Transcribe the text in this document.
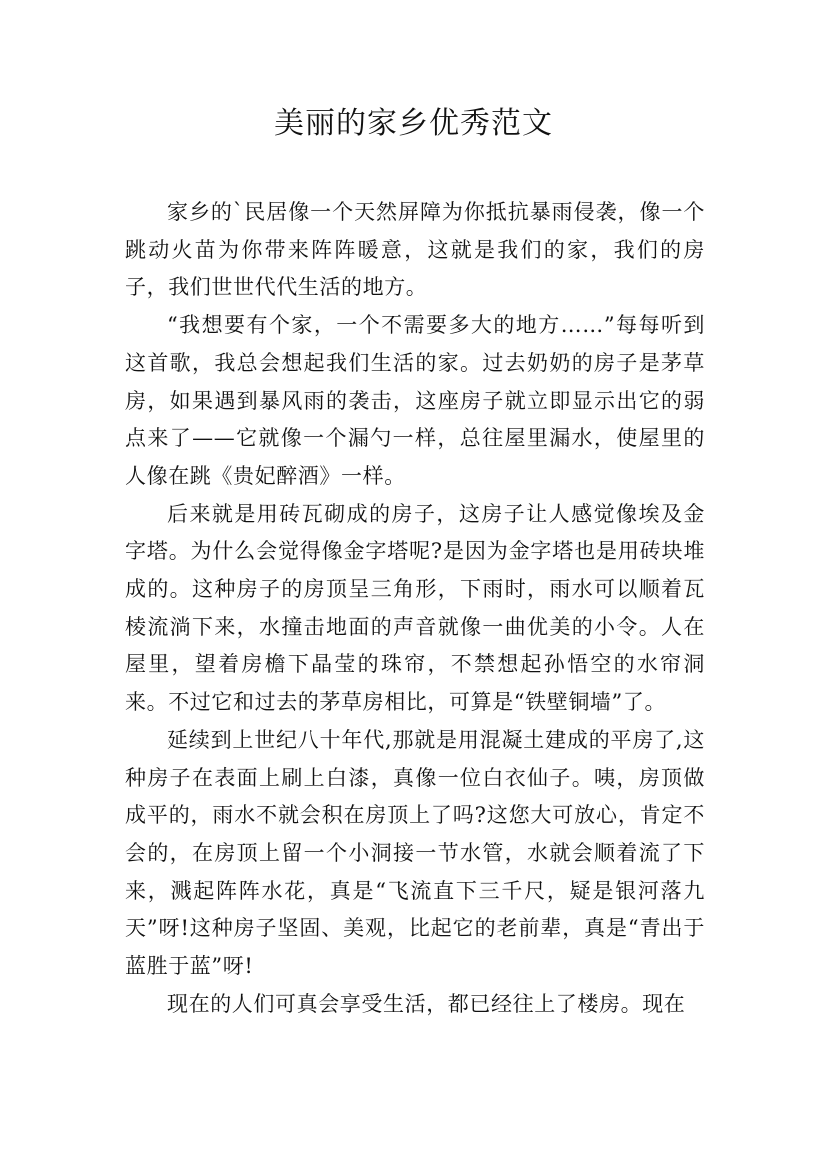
美丽的家乡优秀范文

家乡的`民居像一个天然屏障为你抵抗暴雨侵袭，像一个跳动火苗为你带来阵阵暖意，这就是我们的家，我们的房子，我们世世代代生活的地方。

“我想要有个家，一个不需要多大的地方……”每每听到这首歌，我总会想起我们生活的家。过去奶奶的房子是茅草房，如果遇到暴风雨的袭击，这座房子就立即显示出它的弱点来了——它就像一个漏勺一样，总往屋里漏水，使屋里的人像在跳《贵妃醉酒》一样。

后来就是用砖瓦砌成的房子，这房子让人感觉像埃及金字塔。为什么会觉得像金字塔呢?是因为金字塔也是用砖块堆成的。这种房子的房顶呈三角形，下雨时，雨水可以顺着瓦棱流淌下来，水撞击地面的声音就像一曲优美的小令。人在屋里，望着房檐下晶莹的珠帘，不禁想起孙悟空的水帘洞来。不过它和过去的茅草房相比，可算是“铁壁铜墙”了。

延续到上世纪八十年代,那就是用混凝土建成的平房了,这种房子在表面上刷上白漆，真像一位白衣仙子。咦，房顶做成平的，雨水不就会积在房顶上了吗?这您大可放心，肯定不会的，在房顶上留一个小洞接一节水管，水就会顺着流了下来，溅起阵阵水花，真是“飞流直下三千尺，疑是银河落九天”呀!这种房子坚固、美观，比起它的老前辈，真是“青出于蓝胜于蓝”呀!

现在的人们可真会享受生活，都已经往上了楼房。现在
